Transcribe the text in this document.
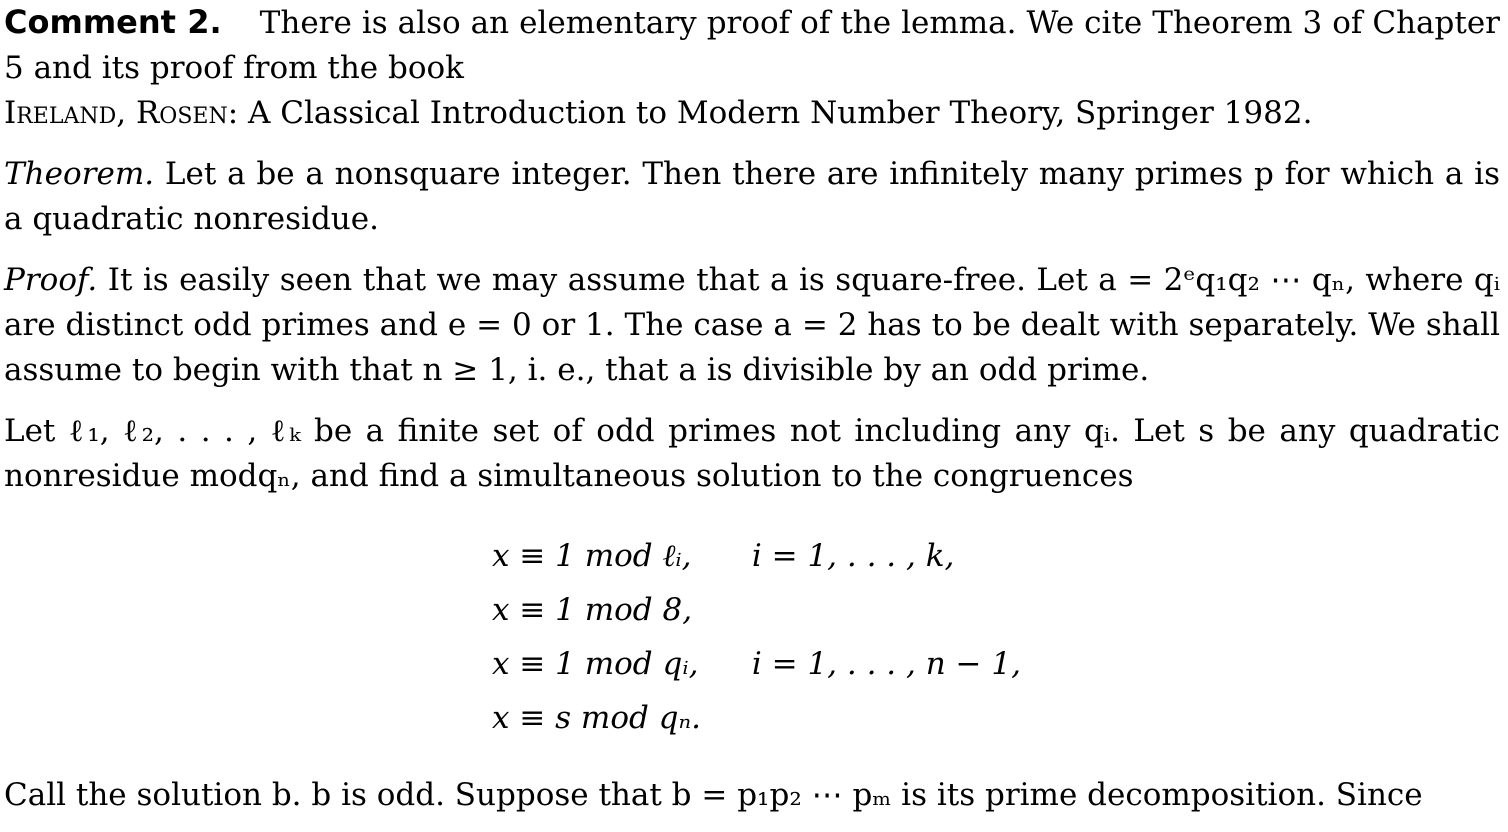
Comment 2. There is also an elementary proof of the lemma. We cite Theorem 3 of Chapter 5 and its proof from the book

Ireland, Rosen: A Classical Introduction to Modern Number Theory, Springer 1982.

Theorem. Let a be a nonsquare integer. Then there are infinitely many primes p for which a is a quadratic nonresidue.

Proof. It is easily seen that we may assume that a is square-free. Let a = 2ᵉq₁q₂ ⋯ qₙ, where qᵢ are distinct odd primes and e = 0 or 1. The case a = 2 has to be dealt with separately. We shall assume to begin with that n ≥ 1, i. e., that a is divisible by an odd prime.

Let ℓ₁, ℓ₂, . . . , ℓₖ be a finite set of odd primes not including any qᵢ. Let s be any quadratic nonresidue modqₙ, and find a simultaneous solution to the congruences

x ≡ 1 mod ℓᵢ, i = 1, . . . , k,
x ≡ 1 mod 8,
x ≡ 1 mod qᵢ, i = 1, . . . , n − 1,
x ≡ s mod qₙ.

Call the solution b. b is odd. Suppose that b = p₁p₂ ⋯ pₘ is its prime decomposition. Since
